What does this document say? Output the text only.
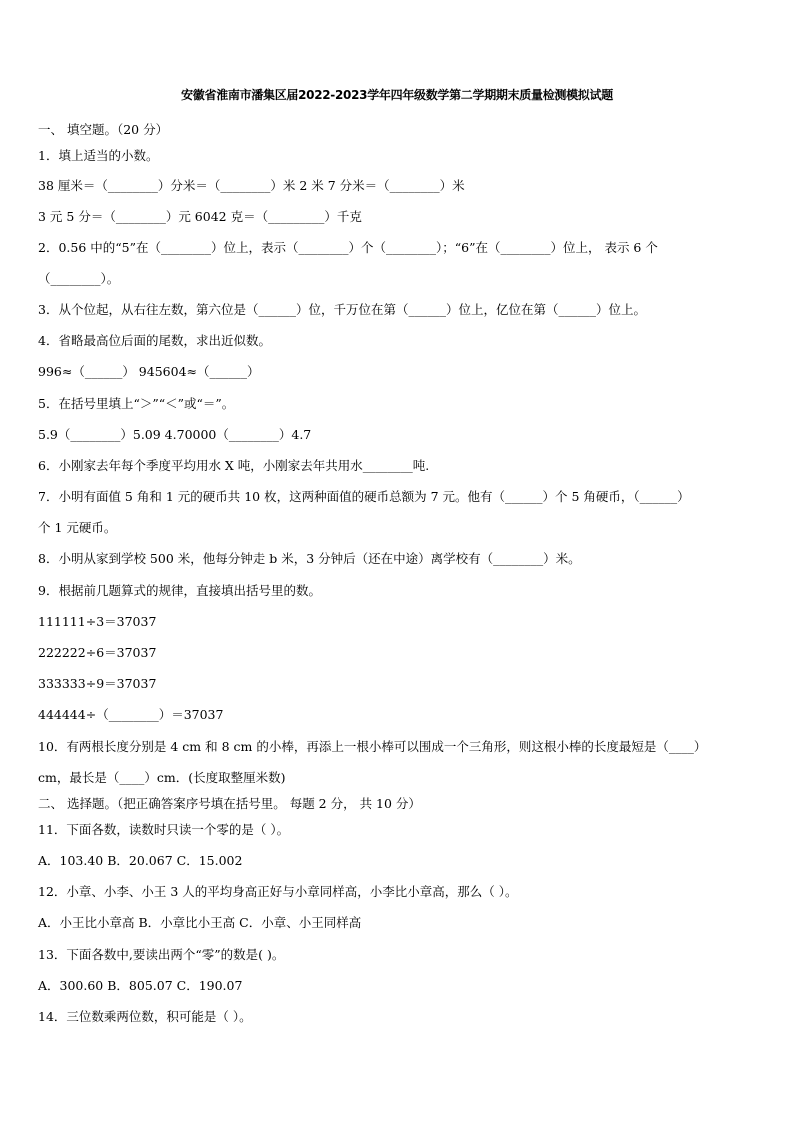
安徽省淮南市潘集区届2022-2023学年四年级数学第二学期期末质量检测模拟试题
一、 填空题。（20 分）
1．填上适当的小数。
38 厘米＝（________）分米＝（________）米 2 米 7 分米＝（________）米
3 元 5 分＝（________）元 6042 克＝（_________）千克
2．0.56 中的“5”在（________）位上，表示（________）个（________）；“6”在（________）位上， 表示 6 个
（________）。
3．从个位起，从右往左数，第六位是（______）位，千万位在第（______）位上，亿位在第（______）位上。
4．省略最高位后面的尾数，求出近似数。
996≈（______） 945604≈（______）
5．在括号里填上“＞”“＜”或“＝”。
5.9（________）5.09 4.70000（________）4.7
6．小刚家去年每个季度平均用水 X 吨，小刚家去年共用水________吨.
7．小明有面值 5 角和 1 元的硬币共 10 枚，这两种面值的硬币总额为 7 元。他有（______）个 5 角硬币，（______）
个 1 元硬币。
8．小明从家到学校 500 米，他每分钟走 b 米，3 分钟后（还在中途）离学校有（________）米。
9．根据前几题算式的规律，直接填出括号里的数。
111111÷3＝37037
222222÷6＝37037
333333÷9＝37037
444444÷（________）＝37037
10．有两根长度分别是 4 cm 和 8 cm 的小棒，再添上一根小棒可以围成一个三角形，则这根小棒的长度最短是（____）
cm，最长是（____）cm．(长度取整厘米数)
二、 选择题。（把正确答案序号填在括号里。 每题 2 分， 共 10 分）
11．下面各数，读数时只读一个零的是（ ）。
A．103.40 B．20.067 C．15.002
12．小章、小李、小王 3 人的平均身高正好与小章同样高，小李比小章高，那么（ ）。
A．小王比小章高 B．小章比小王高 C．小章、小王同样高
13．下面各数中,要读出两个“零”的数是( )。
A．300.60 B．805.07 C．190.07
14．三位数乘两位数，积可能是（ ）。
